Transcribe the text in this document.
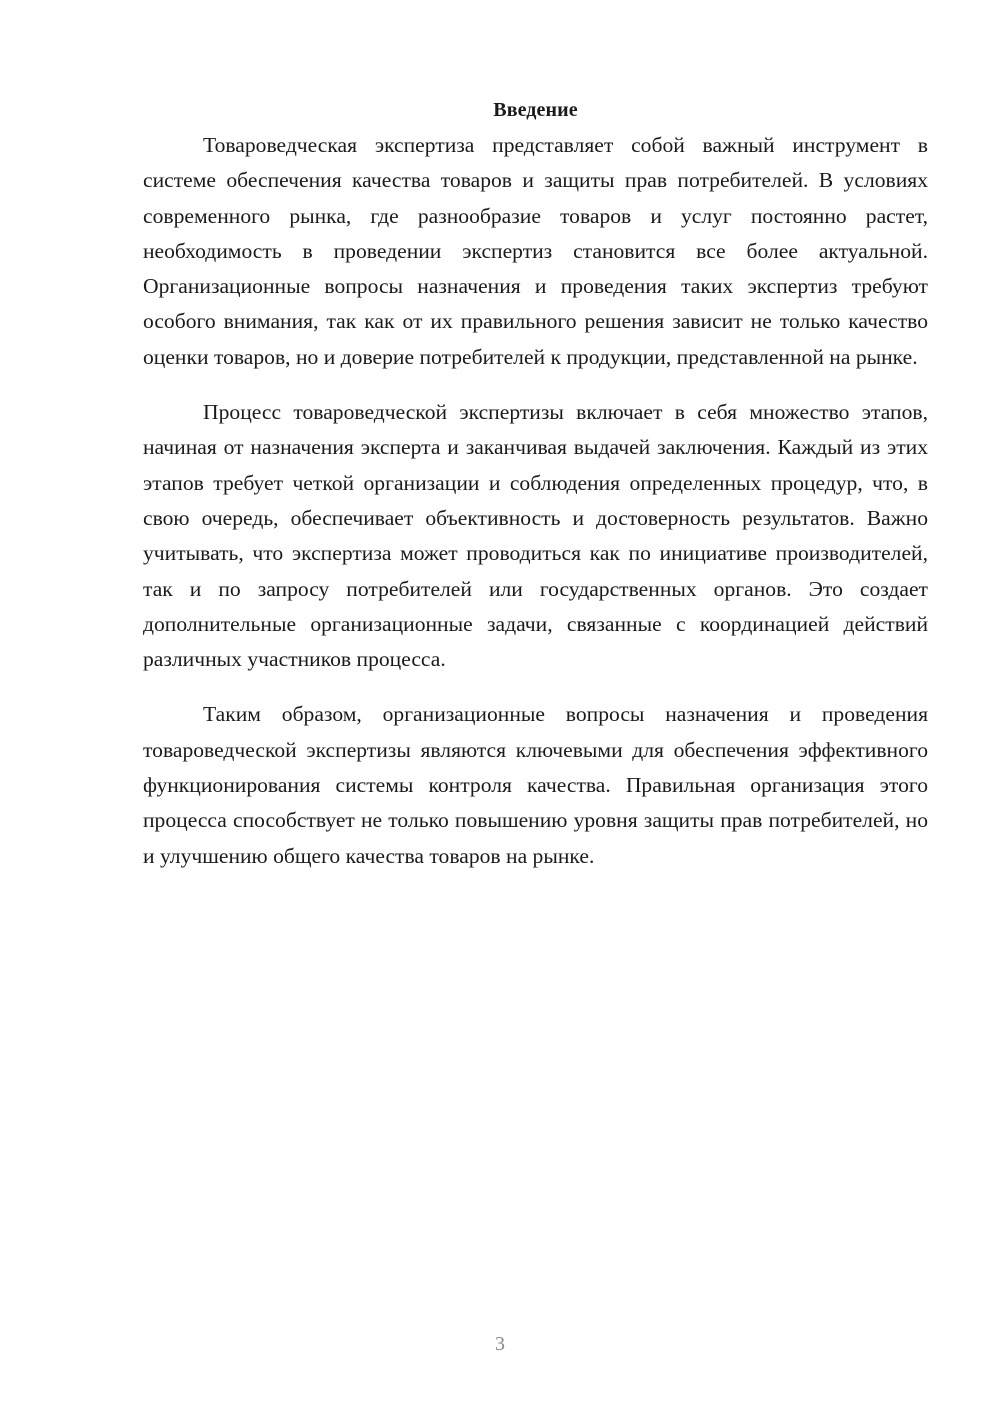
Введение

Товароведческая экспертиза представляет собой важный инструмент в системе обеспечения качества товаров и защиты прав потребителей. В условиях современного рынка, где разнообразие товаров и услуг постоянно растет, необходимость в проведении экспертиз становится все более актуальной. Организационные вопросы назначения и проведения таких экспертиз требуют особого внимания, так как от их правильного решения зависит не только качество оценки товаров, но и доверие потребителей к продукции, представленной на рынке.

Процесс товароведческой экспертизы включает в себя множество этапов, начиная от назначения эксперта и заканчивая выдачей заключения. Каждый из этих этапов требует четкой организации и соблюдения определенных процедур, что, в свою очередь, обеспечивает объективность и достоверность результатов. Важно учитывать, что экспертиза может проводиться как по инициативе производителей, так и по запросу потребителей или государственных органов. Это создает дополнительные организационные задачи, связанные с координацией действий различных участников процесса.

Таким образом, организационные вопросы назначения и проведения товароведческой экспертизы являются ключевыми для обеспечения эффективного функционирования системы контроля качества. Правильная организация этого процесса способствует не только повышению уровня защиты прав потребителей, но и улучшению общего качества товаров на рынке.

3
